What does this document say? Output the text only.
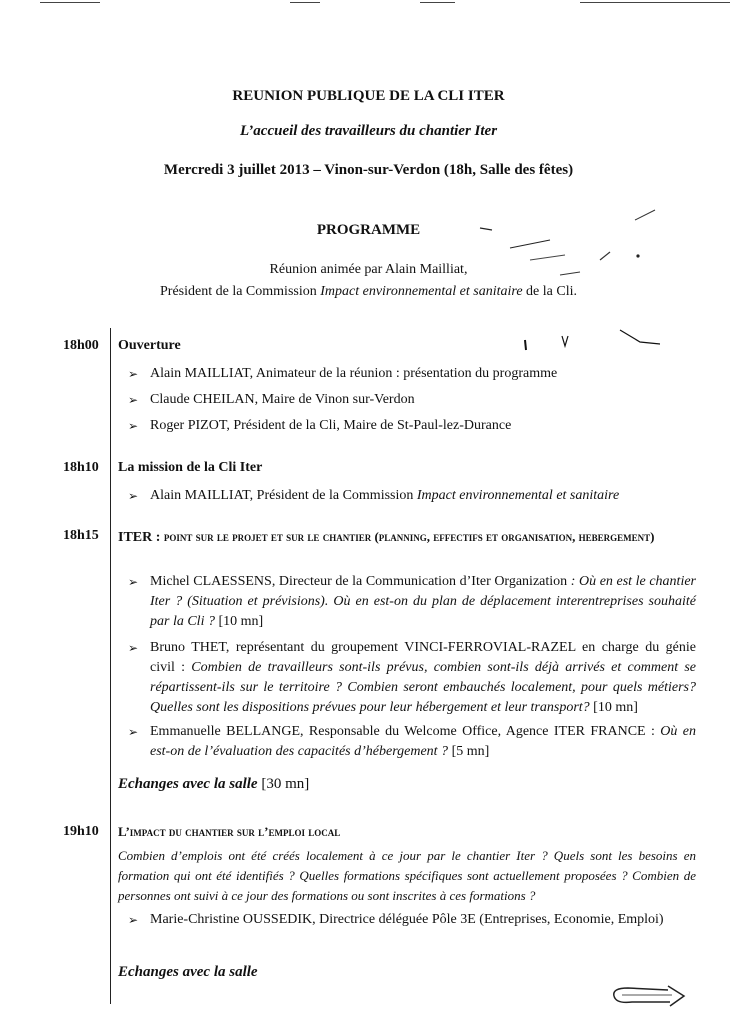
REUNION PUBLIQUE DE LA CLI ITER
L’accueil des travailleurs du chantier Iter
Mercredi 3 juillet 2013 – Vinon-sur-Verdon (18h, Salle des fêtes)
PROGRAMME
Réunion animée par Alain Mailliat,
Président de la Commission Impact environnemental et sanitaire de la Cli.
18h00 Ouverture
➢ Alain MAILLIAT, Animateur de la réunion : présentation du programme
➢ Claude CHEILAN, Maire de Vinon sur-Verdon
➢ Roger PIZOT, Président de la Cli, Maire de St-Paul-lez-Durance
18h10 La mission de la Cli Iter
➢ Alain MAILLIAT, Président de la Commission Impact environnemental et sanitaire
18h15 ITER : point sur le projet et sur le chantier (planning, effectifs et organisation, hebergement)
➢ Michel CLAESSENS, Directeur de la Communication d’Iter Organization : Où en est le chantier Iter ? (Situation et prévisions). Où en est-on du plan de déplacement interentreprises souhaité par la Cli ? [10 mn]
➢ Bruno THET, représentant du groupement VINCI-FERROVIAL-RAZEL en charge du génie civil : Combien de travailleurs sont-ils prévus, combien sont-ils déjà arrivés et comment se répartissent-ils sur le territoire ? Combien seront embauchés localement, pour quels métiers? Quelles sont les dispositions prévues pour leur hébergement et leur transport? [10 mn]
➢ Emmanuelle BELLANGE, Responsable du Welcome Office, Agence ITER FRANCE : Où en est-on de l’évaluation des capacités d’hébergement ? [5 mn]
Echanges avec la salle [30 mn]
19h10 L’impact du chantier sur l’emploi local
Combien d’emplois ont été créés localement à ce jour par le chantier Iter ? Quels sont les besoins en formation qui ont été identifiés ? Quelles formations spécifiques sont actuellement proposées ? Combien de personnes ont suivi à ce jour des formations ou sont inscrites à ces formations ?
➢ Marie-Christine OUSSEDIK, Directrice déléguée Pôle 3E (Entreprises, Economie, Emploi)
Echanges avec la salle
